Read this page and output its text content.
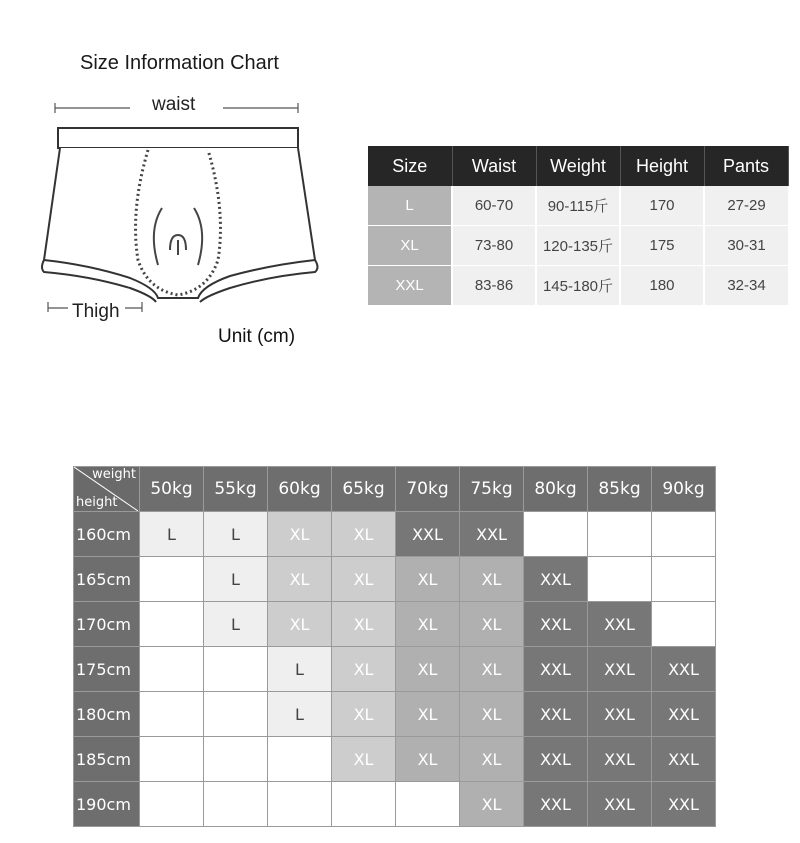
Size Information Chart
waist
Thigh
Unit (cm)
Size	Waist	Weight	Height	Pants
L	60-70	90-115斤	170	27-29
XL	73-80	120-135斤	175	30-31
XXL	83-86	145-180斤	180	32-34
weight
height	50kg	55kg	60kg	65kg	70kg	75kg	80kg	85kg	90kg
160cm	L	L	XL	XL	XXL	XXL			
165cm		L	XL	XL	XL	XL	XXL		
170cm		L	XL	XL	XL	XL	XXL	XXL	
175cm			L	XL	XL	XL	XXL	XXL	XXL
180cm			L	XL	XL	XL	XXL	XXL	XXL
185cm				XL	XL	XL	XXL	XXL	XXL
190cm						XL	XXL	XXL	XXL
